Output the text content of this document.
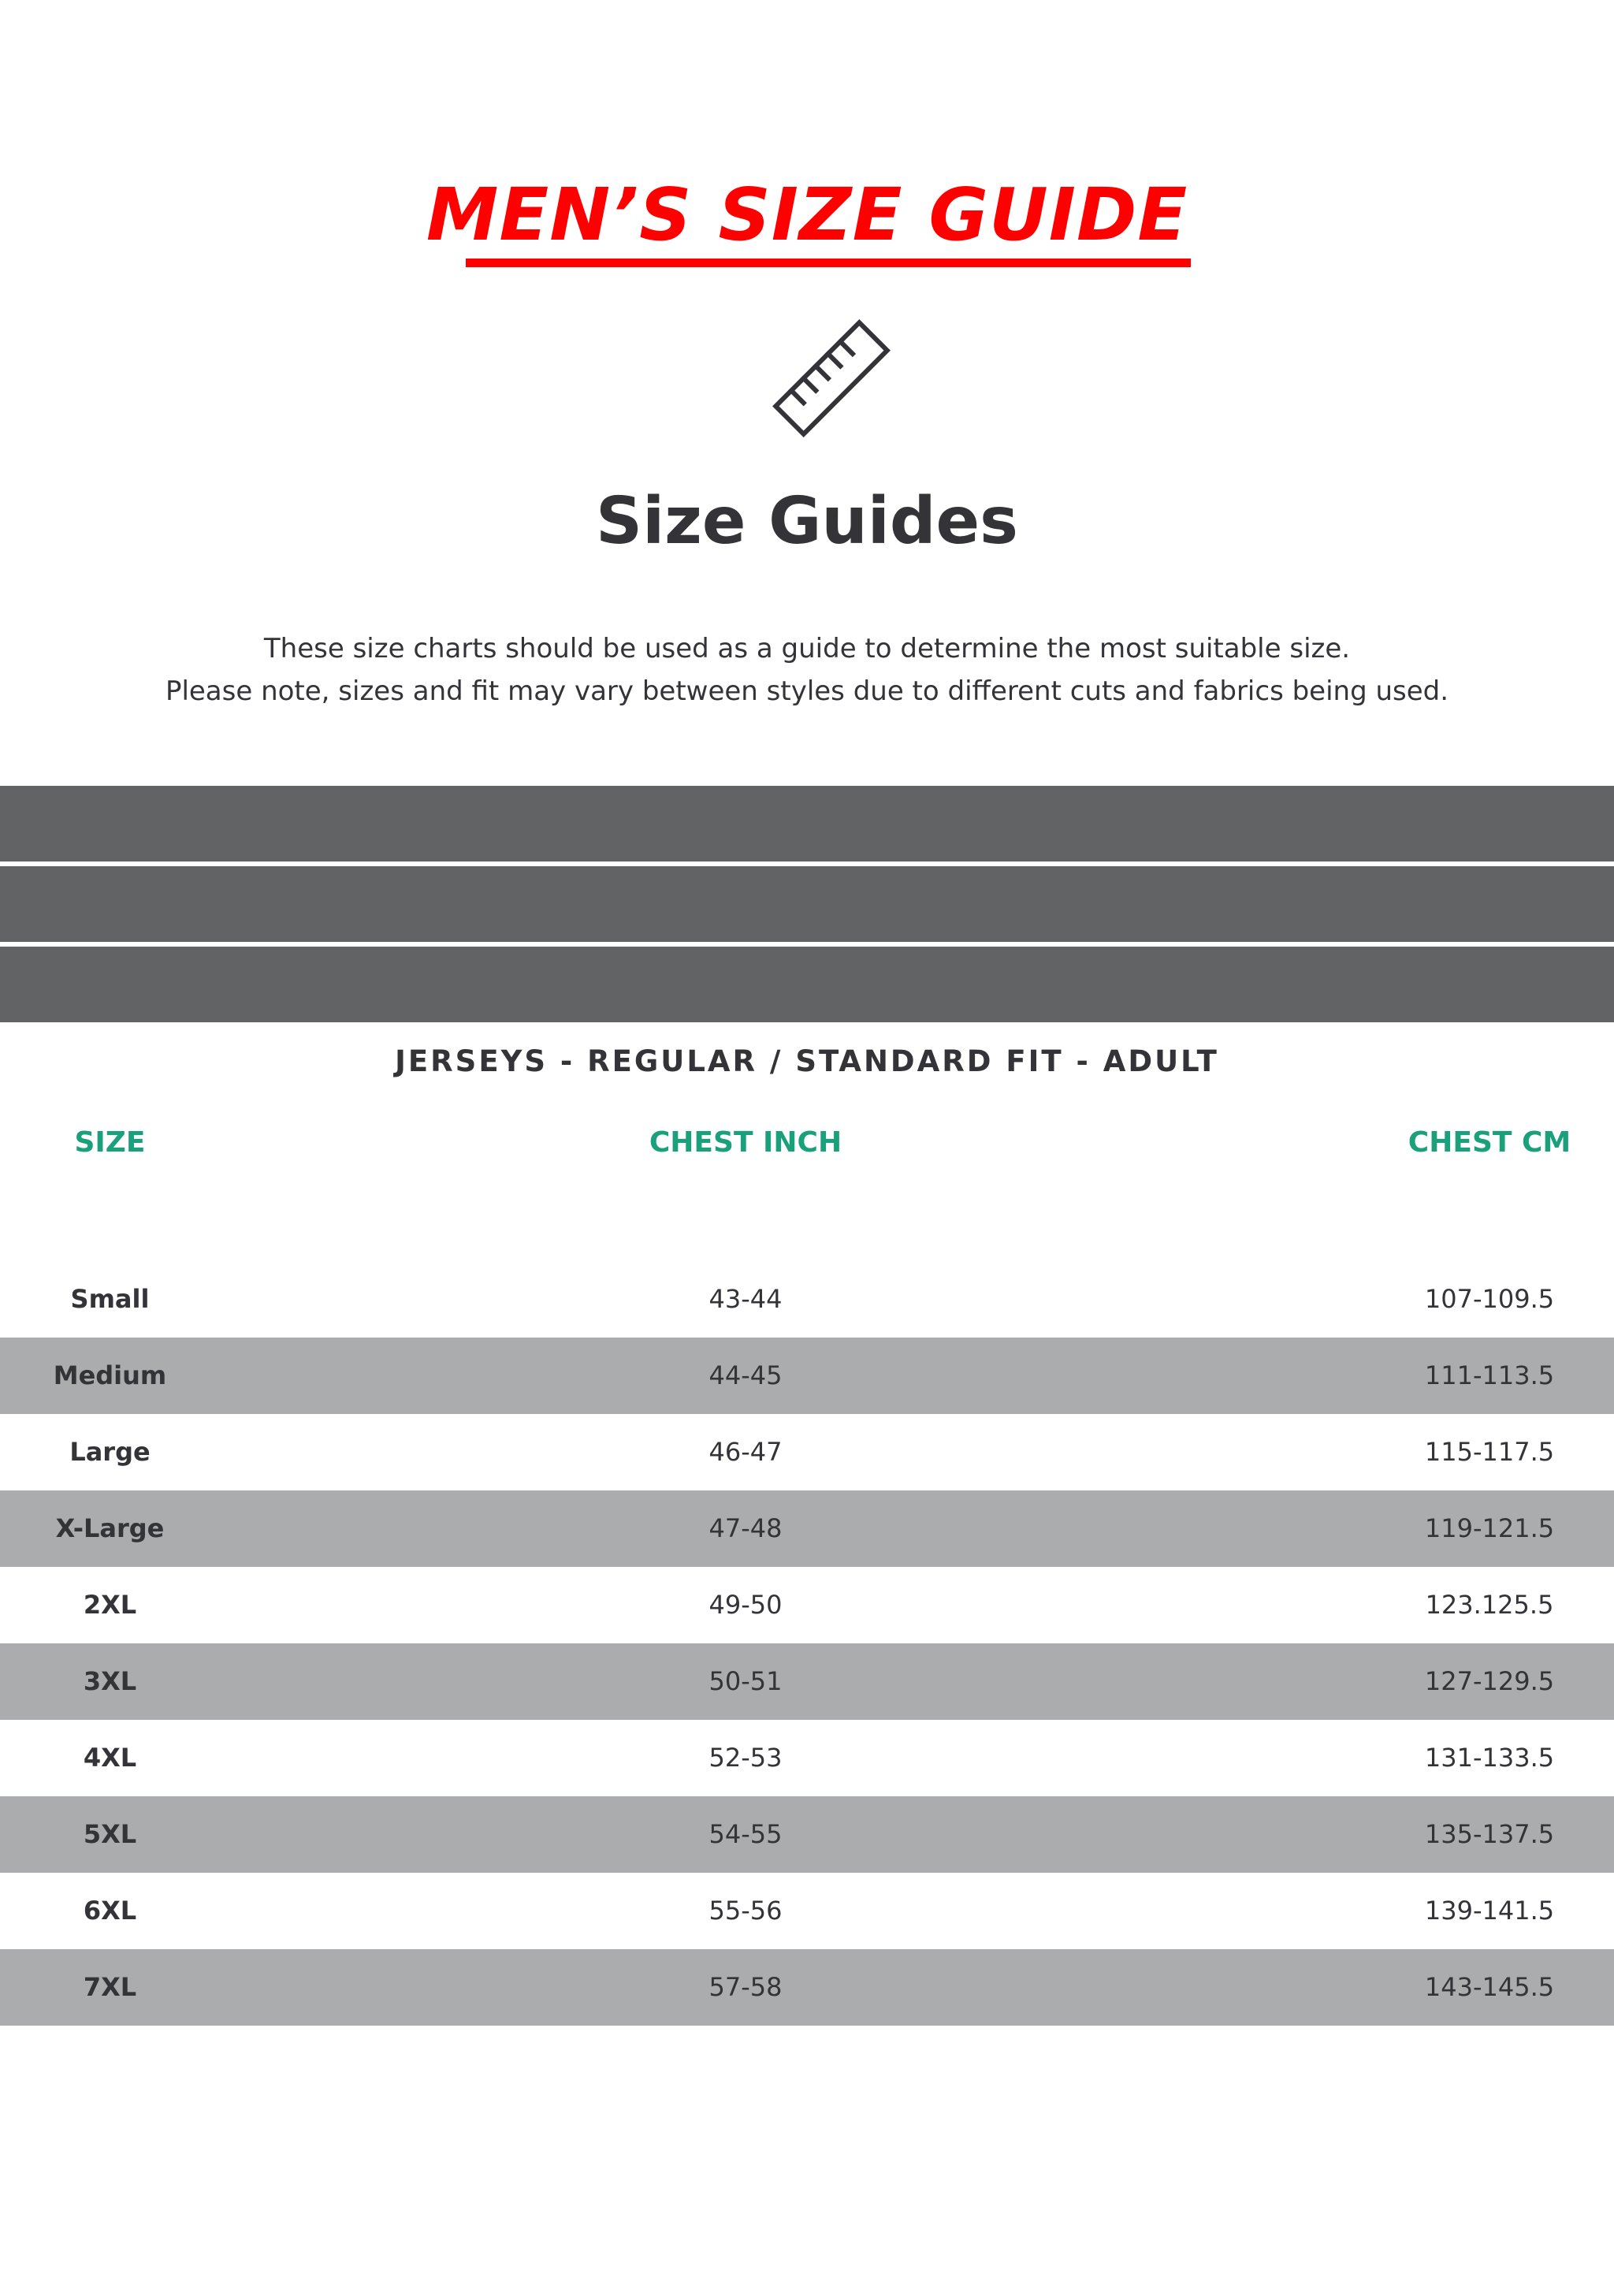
MEN’S SIZE GUIDE
Size Guides
These size charts should be used as a guide to determine the most suitable size.
Please note, sizes and fit may vary between styles due to different cuts and fabrics being used.
JERSEYS - REGULAR / STANDARD FIT - ADULT
SIZE	CHEST INCH	CHEST CM
Small	43-44	107-109.5
Medium	44-45	111-113.5
Large	46-47	115-117.5
X-Large	47-48	119-121.5
2XL	49-50	123.125.5
3XL	50-51	127-129.5
4XL	52-53	131-133.5
5XL	54-55	135-137.5
6XL	55-56	139-141.5
7XL	57-58	143-145.5
